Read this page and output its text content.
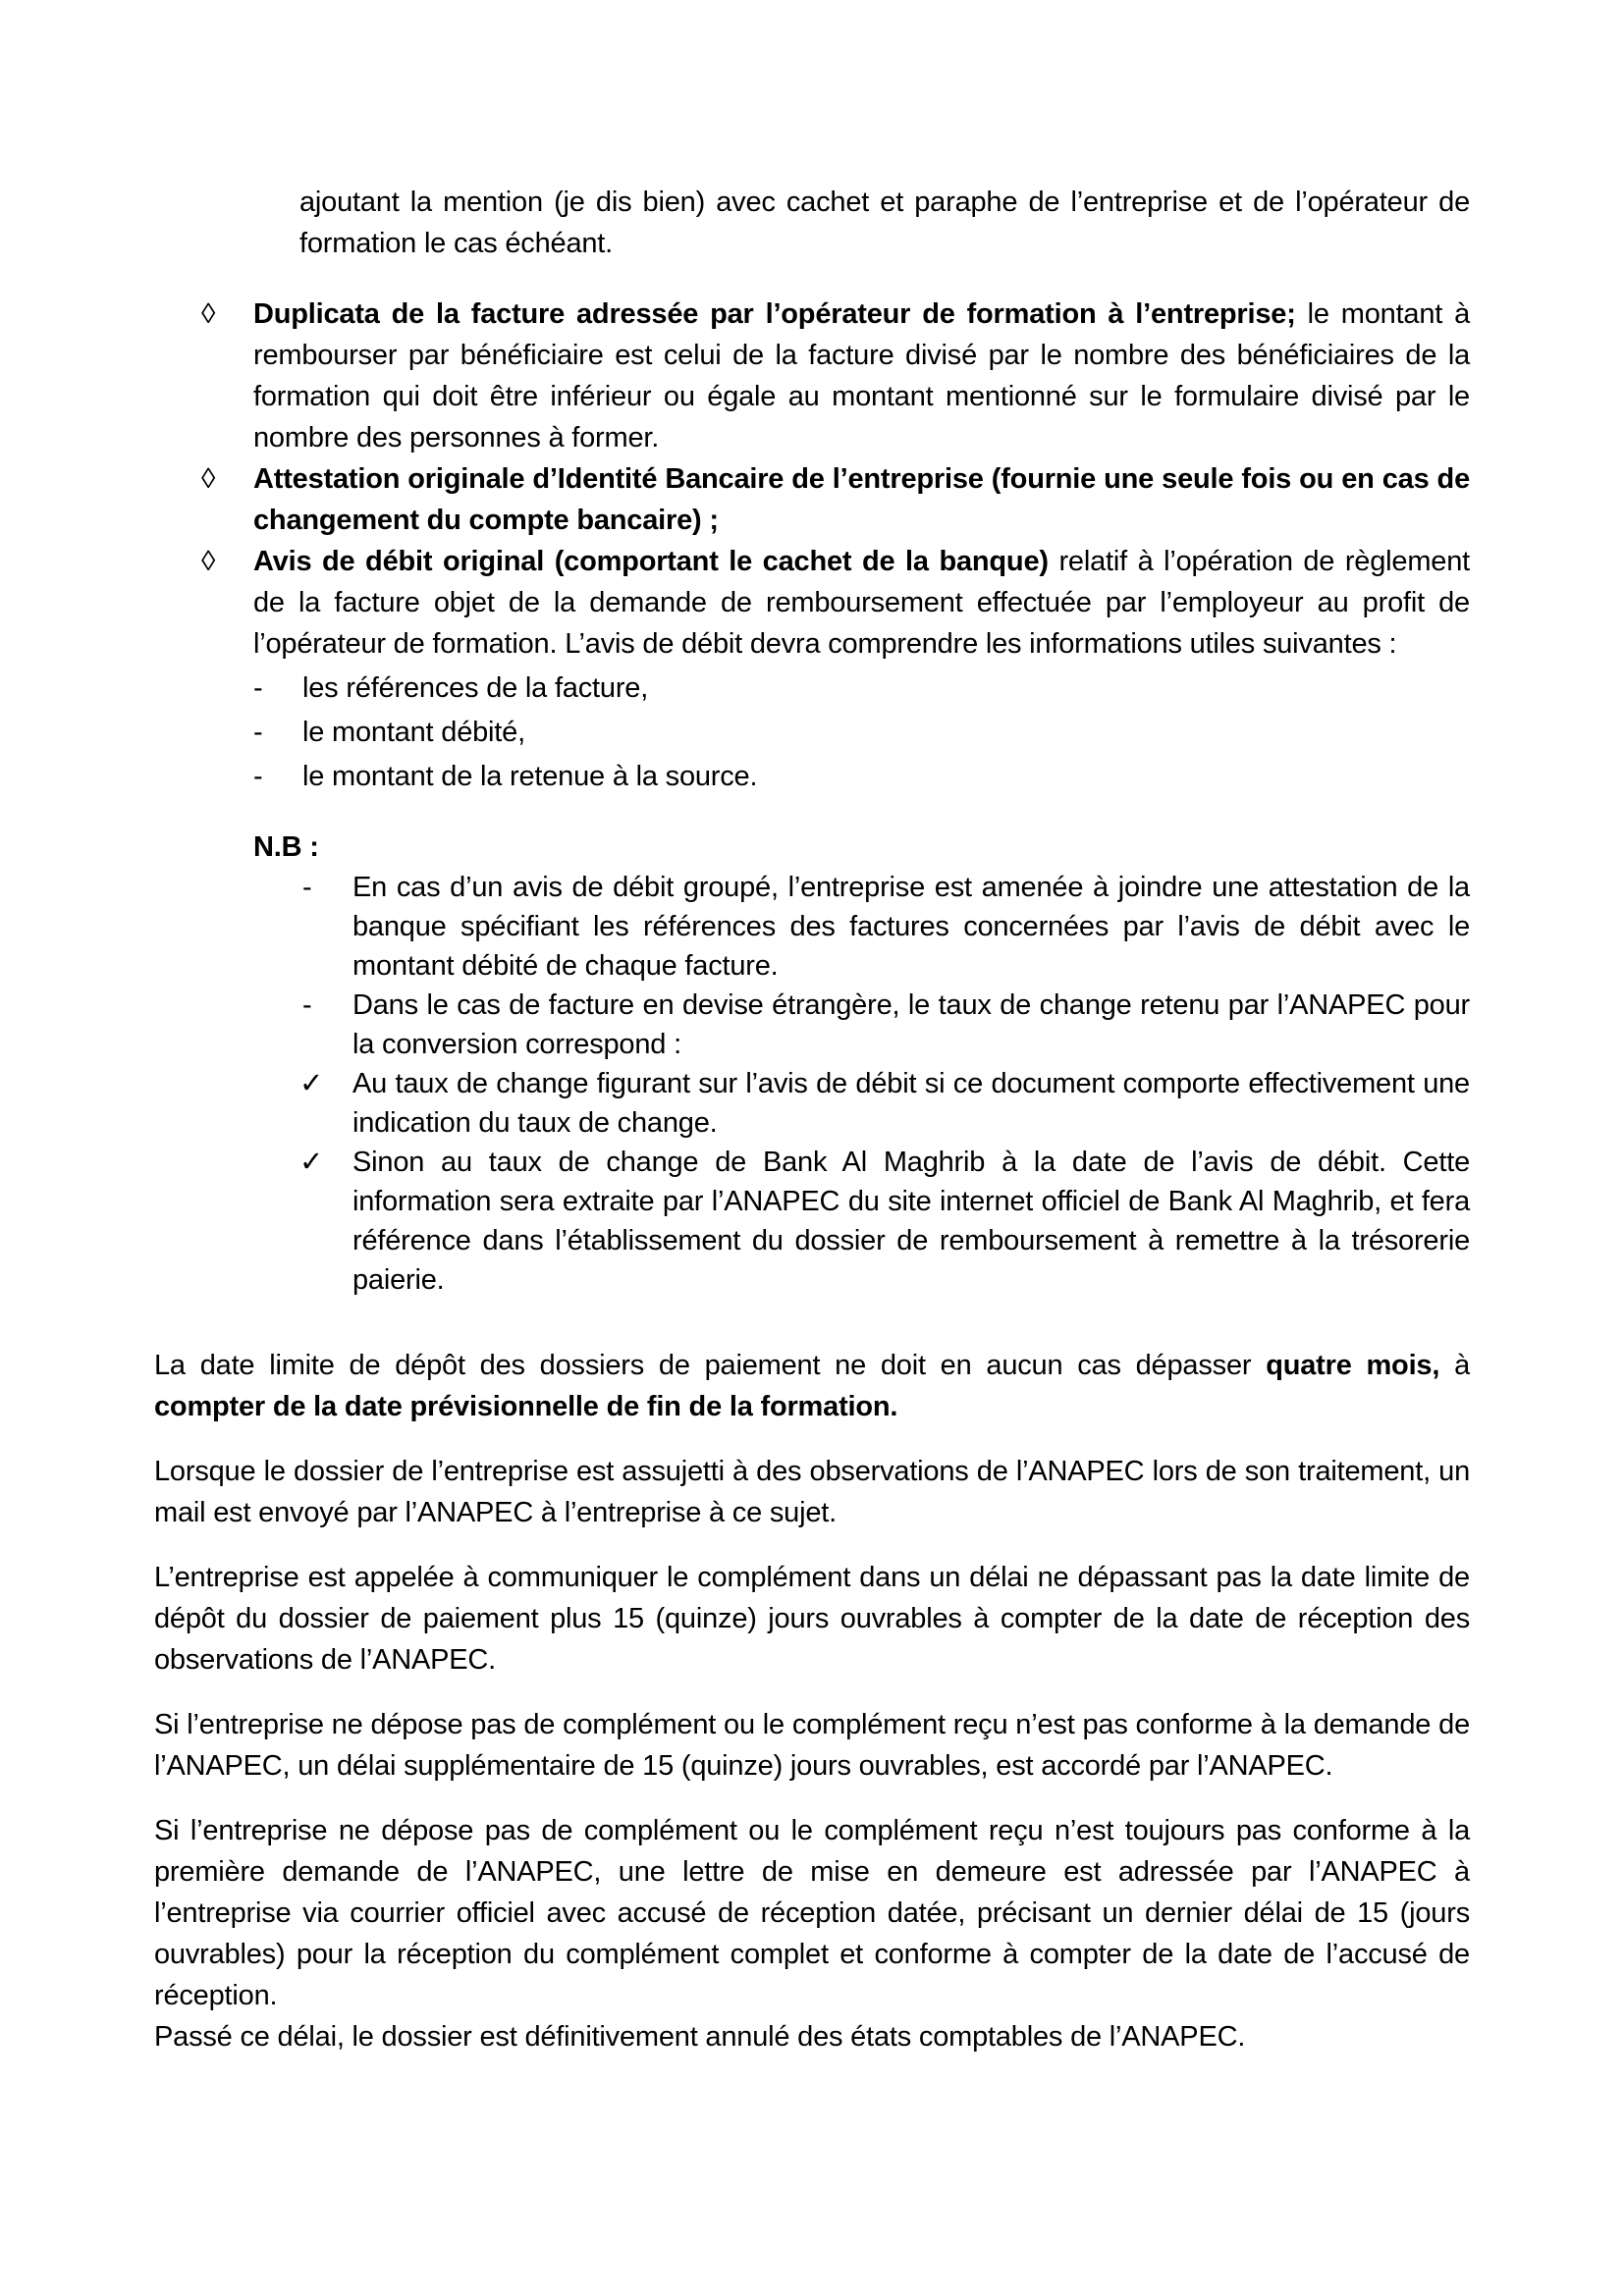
ajoutant la mention (je dis bien) avec cachet et paraphe de l’entreprise et de l’opérateur de formation le cas échéant.

◊ Duplicata de la facture adressée par l’opérateur de formation à l’entreprise; le montant à rembourser par bénéficiaire est celui de la facture divisé par le nombre des bénéficiaires de la formation qui doit être inférieur ou égale au montant mentionné sur le formulaire divisé par le nombre des personnes à former.
◊ Attestation originale d’Identité Bancaire de l’entreprise (fournie une seule fois ou en cas de changement du compte bancaire) ;
◊ Avis de débit original (comportant le cachet de la banque) relatif à l’opération de règlement de la facture objet de la demande de remboursement effectuée par l’employeur au profit de l’opérateur de formation. L’avis de débit devra comprendre les informations utiles suivantes :
- les références de la facture,
- le montant débité,
- le montant de la retenue à la source.

N.B :

- En cas d’un avis de débit groupé, l’entreprise est amenée à joindre une attestation de la banque spécifiant les références des factures concernées par l’avis de débit avec le montant débité de chaque facture.
- Dans le cas de facture en devise étrangère, le taux de change retenu par l’ANAPEC pour la conversion correspond :
✓ Au taux de change figurant sur l’avis de débit si ce document comporte effectivement une indication du taux de change.
✓ Sinon au taux de change de Bank Al Maghrib à la date de l’avis de débit. Cette information sera extraite par l’ANAPEC du site internet officiel de Bank Al Maghrib, et fera référence dans l’établissement du dossier de remboursement à remettre à la trésorerie paierie.

La date limite de dépôt des dossiers de paiement ne doit en aucun cas dépasser quatre mois, à compter de la date prévisionnelle de fin de la formation.

Lorsque le dossier de l’entreprise est assujetti à des observations de l’ANAPEC lors de son traitement, un mail est envoyé par l’ANAPEC à l’entreprise à ce sujet.

L’entreprise est appelée à communiquer le complément dans un délai ne dépassant pas la date limite de dépôt du dossier de paiement plus 15 (quinze) jours ouvrables à compter de la date de réception des observations de l’ANAPEC.

Si l’entreprise ne dépose pas de complément ou le complément reçu n’est pas conforme à la demande de l’ANAPEC, un délai supplémentaire de 15 (quinze) jours ouvrables, est accordé par l’ANAPEC.

Si l’entreprise ne dépose pas de complément ou le complément reçu n’est toujours pas conforme à la première demande de l’ANAPEC, une lettre de mise en demeure est adressée par l’ANAPEC à l’entreprise via courrier officiel avec accusé de réception datée, précisant un dernier délai de 15 (jours ouvrables) pour la réception du complément complet et conforme à compter de la date de l’accusé de réception.

Passé ce délai, le dossier est définitivement annulé des états comptables de l’ANAPEC.
